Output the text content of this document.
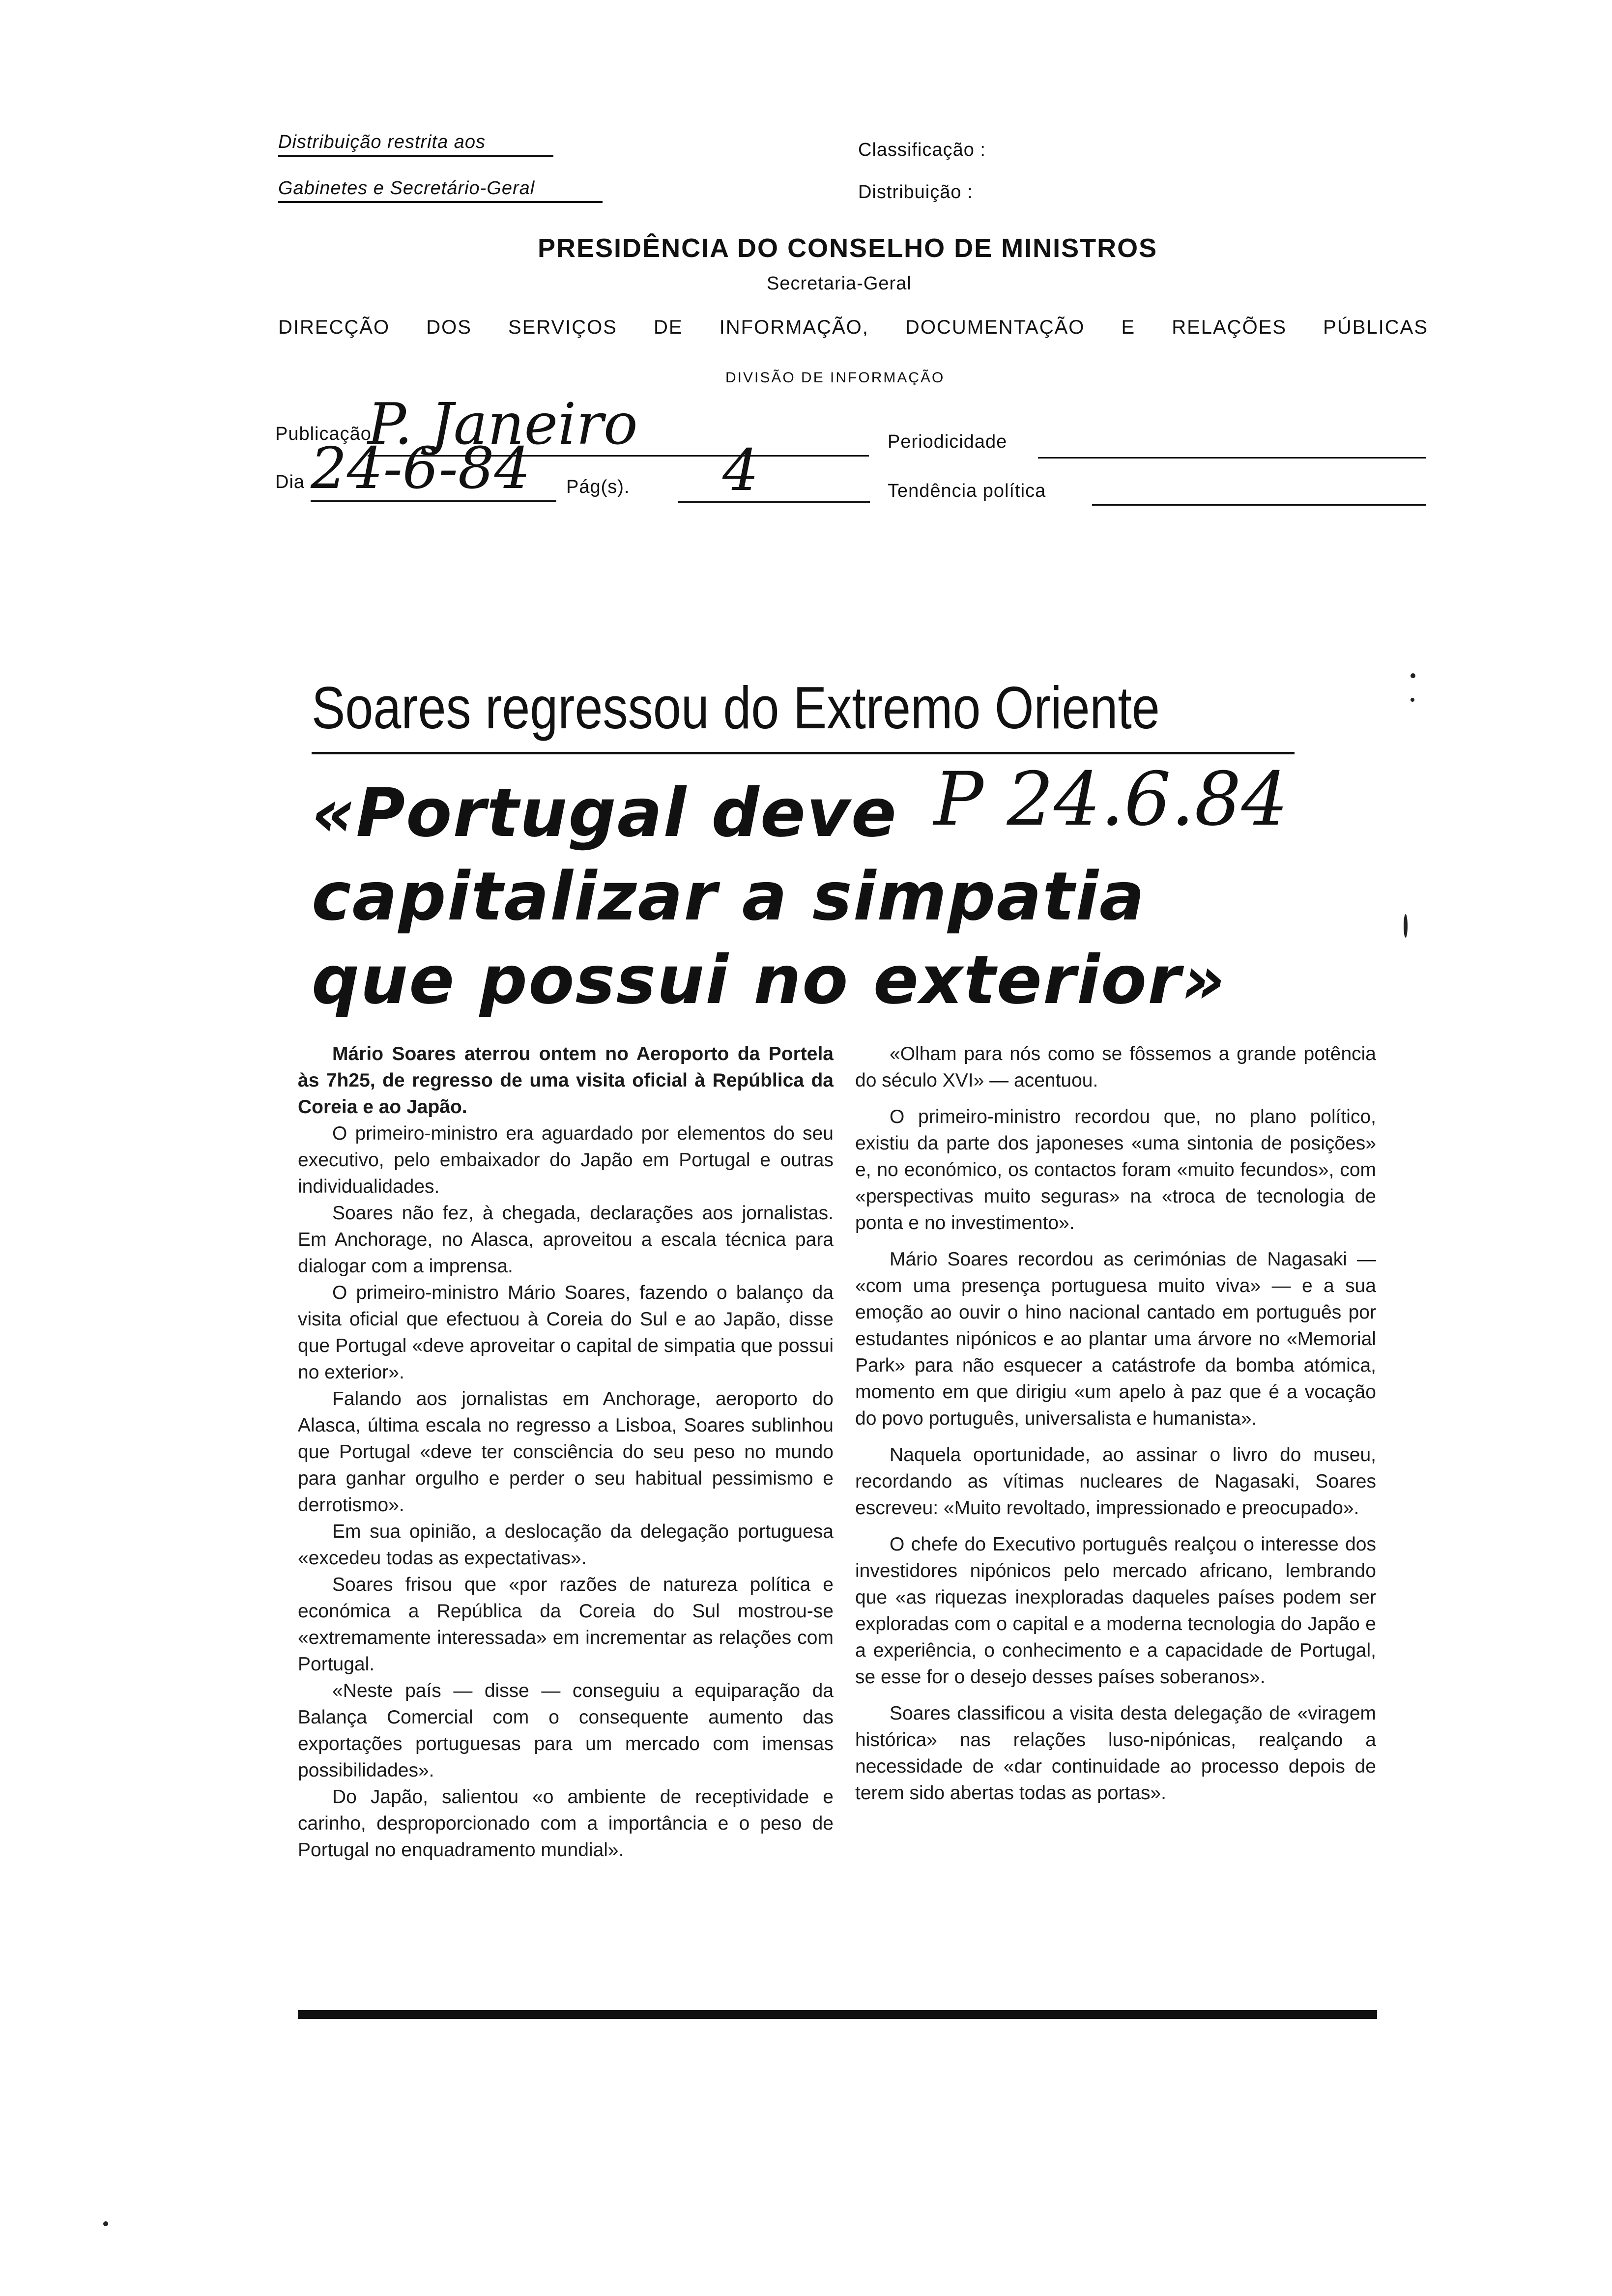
Distribuição restrita aos
Gabinetes e Secretário-Geral
Classificação :
Distribuição :
PRESIDÊNCIA DO CONSELHO DE MINISTROS
Secretaria-Geral
DIRECÇÃO DOS SERVIÇOS DE INFORMAÇÃO, DOCUMENTAÇÃO E RELAÇÕES PÚBLICAS
DIVISÃO DE INFORMAÇÃO
Publicação
P. Janeiro	Periodicidade
Dia 24-6-84 Pág(s). 4	Tendência política
Soares regressou do Extremo Oriente
«Portugal deve
capitalizar a simpatia
que possui no exterior»
P 24.6.84

Mário Soares aterrou ontem no Aeroporto da Portela às 7h25, de regresso de uma visita oficial à República da Coreia e ao Japão.

O primeiro-ministro era aguardado por elementos do seu executivo, pelo embaixador do Japão em Portugal e outras individualidades.

Soares não fez, à chegada, declarações aos jornalistas. Em Anchorage, no Alasca, aproveitou a escala técnica para dialogar com a imprensa.

O primeiro-ministro Mário Soares, fazendo o balanço da visita oficial que efectuou à Coreia do Sul e ao Japão, disse que Portugal «deve aproveitar o capital de simpatia que possui no exterior».

Falando aos jornalistas em Anchorage, aeroporto do Alasca, última escala no regresso a Lisboa, Soares sublinhou que Portugal «deve ter consciência do seu peso no mundo para ganhar orgulho e perder o seu habitual pessimismo e derrotismo».

Em sua opinião, a deslocação da delegação portuguesa «excedeu todas as expectativas».

Soares frisou que «por razões de natureza política e económica a República da Coreia do Sul mostrou-se «extremamente interessada» em incrementar as relações com Portugal.

«Neste país — disse — conseguiu a equiparação da Balança Comercial com o consequente aumento das exportações portuguesas para um mercado com imensas possibilidades».

Do Japão, salientou «o ambiente de receptividade e carinho, desproporcionado com a importância e o peso de Portugal no enquadramento mundial».

«Olham para nós como se fôssemos a grande potência do século XVI» — acentuou.

O primeiro-ministro recordou que, no plano político, existiu da parte dos japoneses «uma sintonia de posições» e, no económico, os contactos foram «muito fecundos», com «perspectivas muito seguras» na «troca de tecnologia de ponta e no investimento».

Mário Soares recordou as cerimónias de Nagasaki — «com uma presença portuguesa muito viva» — e a sua emoção ao ouvir o hino nacional cantado em português por estudantes nipónicos e ao plantar uma árvore no «Memorial Park» para não esquecer a catástrofe da bomba atómica, momento em que dirigiu «um apelo à paz que é a vocação do povo português, universalista e humanista».

Naquela oportunidade, ao assinar o livro do museu, recordando as vítimas nucleares de Nagasaki, Soares escreveu: «Muito revoltado, impressionado e preocupado».

O chefe do Executivo português realçou o interesse dos investidores nipónicos pelo mercado africano, lembrando que «as riquezas inexploradas daqueles países podem ser exploradas com o capital e a moderna tecnologia do Japão e a experiência, o conhecimento e a capacidade de Portugal, se esse for o desejo desses países soberanos».

Soares classificou a visita desta delegação de «viragem histórica» nas relações luso-nipónicas, realçando a necessidade de «dar continuidade ao processo depois de terem sido abertas todas as portas».
